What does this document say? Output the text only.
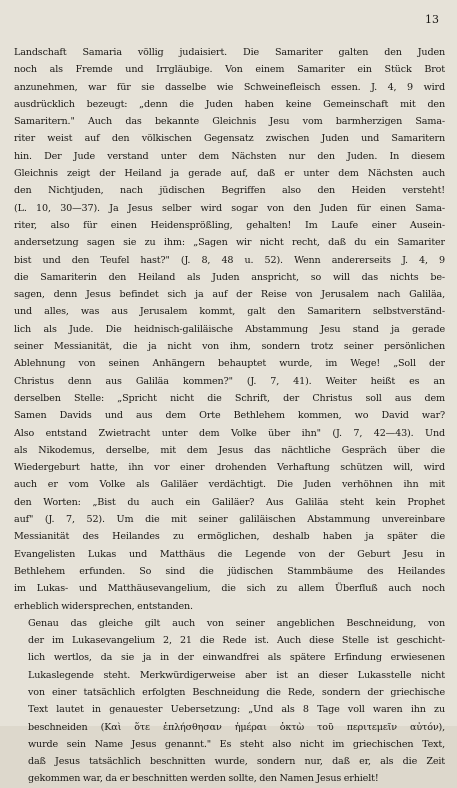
13

Landschaft Samaria völlig judaisiert. Die Samariter galten den Juden
noch als Fremde und Irrgläubige. Von einem Samariter ein Stück Brot
anzunehmen, war für sie dasselbe wie Schweinefleisch essen. J. 4, 9 wird
ausdrücklich bezeugt: „denn die Juden haben keine Gemeinschaft mit den
Samaritern." Auch das bekannte Gleichnis Jesu vom barmherzigen Sama-
riter weist auf den völkischen Gegensatz zwischen Juden und Samaritern
hin. Der Jude verstand unter dem Nächsten nur den Juden. In diesem
Gleichnis zeigt der Heiland ja gerade auf, daß er unter dem Nächsten auch
den Nichtjuden, nach jüdischen Begriffen also den Heiden versteht!
(L. 10, 30—37). Ja Jesus selber wird sogar von den Juden für einen Sama-
riter, also für einen Heidensprößling, gehalten! Im Laufe einer Ausein-
andersetzung sagen sie zu ihm: „Sagen wir nicht recht, daß du ein Samariter
bist und den Teufel hast?" (J. 8, 48 u. 52). Wenn andererseits J. 4, 9
die Samariterin den Heiland als Juden anspricht, so will das nichts be-
sagen, denn Jesus befindet sich ja auf der Reise von Jerusalem nach Galiläa,
und alles, was aus Jerusalem kommt, galt den Samaritern selbstverständ-
lich als Jude. Die heidnisch-galiläische Abstammung Jesu stand ja gerade
seiner Messianität, die ja nicht von ihm, sondern trotz seiner persönlichen
Ablehnung von seinen Anhängern behauptet wurde, im Wege! „Soll der
Christus denn aus Galiläa kommen?" (J. 7, 41). Weiter heißt es an
derselben Stelle: „Spricht nicht die Schrift, der Christus soll aus dem
Samen Davids und aus dem Orte Bethlehem kommen, wo David war?
Also entstand Zwietracht unter dem Volke über ihn" (J. 7, 42—43). Und
als Nikodemus, derselbe, mit dem Jesus das nächtliche Gespräch über die
Wiedergeburt hatte, ihn vor einer drohenden Verhaftung schützen will, wird
auch er vom Volke als Galiläer verdächtigt. Die Juden verhöhnen ihn mit
den Worten: „Bist du auch ein Galiläer? Aus Galiläa steht kein Prophet
auf" (J. 7, 52). Um die mit seiner galiläischen Abstammung unvereinbare
Messianität des Heilandes zu ermöglichen, deshalb haben ja später die
Evangelisten Lukas und Matthäus die Legende von der Geburt Jesu in
Bethlehem erfunden. So sind die jüdischen Stammbäume des Heilandes
im Lukas- und Matthäusevangelium, die sich zu allem Überfluß auch noch
erheblich widersprechen, entstanden.

Genau das gleiche gilt auch von seiner angeblichen Beschneidung, von
der im Lukasevangelium 2, 21 die Rede ist. Auch diese Stelle ist geschicht-
lich wertlos, da sie ja in der einwandfrei als spätere Erfindung erwiesenen
Lukaslegende steht. Merkwürdigerweise aber ist an dieser Lukasstelle nicht
von einer tatsächlich erfolgten Beschneidung die Rede, sondern der griechische
Text lautet in genauester Uebersetzung: „Und als 8 Tage voll waren ihn zu
beschneiden (Καὶ ὅτε ἐπλήσθησαν ἡμέραι ὀκτὼ τοῦ περιτεμεῖν αὐτόν),
wurde sein Name Jesus genannt." Es steht also nicht im griechischen Text,
daß Jesus tatsächlich beschnitten wurde, sondern nur, daß er, als die Zeit
gekommen war, da er beschnitten werden sollte, den Namen Jesus erhielt!
